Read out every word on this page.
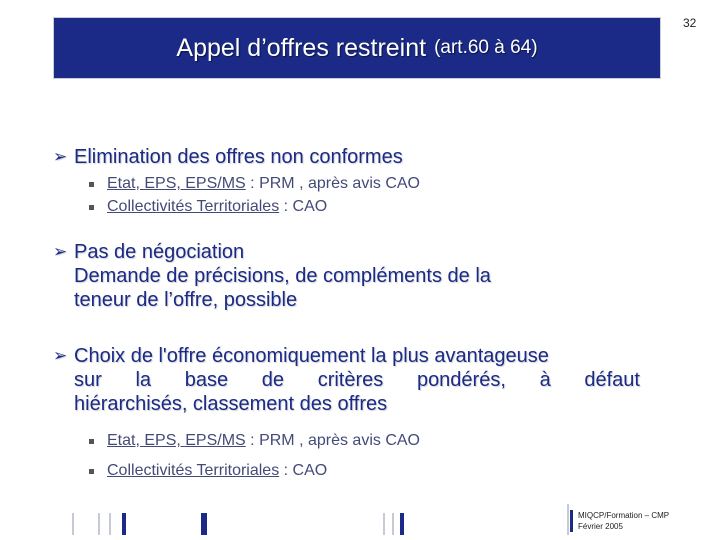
Appel d’offres restreint (art.60 à 64)
32
➢ Elimination des offres non conformes
Etat, EPS, EPS/MS : PRM , après avis CAO
Collectivités Territoriales : CAO
➢ Pas de négociation
Demande de précisions, de compléments de la
teneur de l’offre, possible
➢ Choix de l'offre économiquement la plus avantageuse
sur la base de critères pondérés, à défaut
hiérarchisés, classement des offres
Etat, EPS, EPS/MS : PRM , après avis CAO
Collectivités Territoriales : CAO
MIQCP/Formation – CMP
Février 2005
